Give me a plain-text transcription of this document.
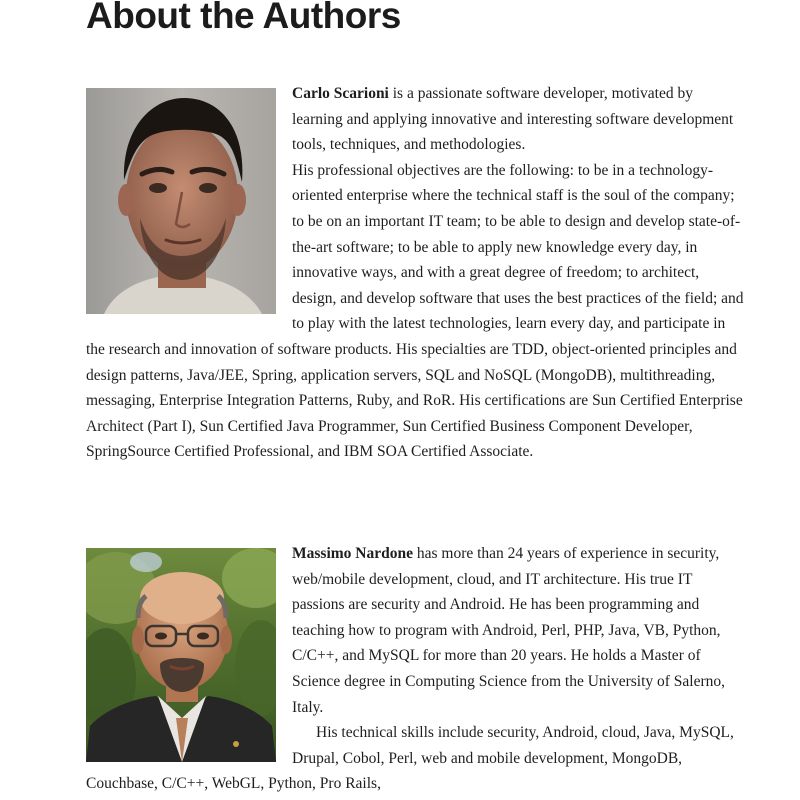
About the Authors

Carlo Scarioni is a passionate software developer, motivated by learning and applying innovative and interesting software development tools, techniques, and methodologies.

His professional objectives are the following: to be in a technology-oriented enterprise where the technical staff is the soul of the company; to be on an important IT team; to be able to design and develop state-of-the-art software; to be able to apply new knowledge every day, in innovative ways, and with a great degree of freedom; to architect, design, and develop software that uses the best practices of the field; and to play with the latest technologies, learn every day, and participate in the research and innovation of software products. His specialties are TDD, object-oriented principles and design patterns, Java/JEE, Spring, application servers, SQL and NoSQL (MongoDB), multithreading, messaging, Enterprise Integration Patterns, Ruby, and RoR. His certifications are Sun Certified Enterprise Architect (Part I), Sun Certified Java Programmer, Sun Certified Business Component Developer, SpringSource Certified Professional, and IBM SOA Certified Associate.

Massimo Nardone has more than 24 years of experience in security, web/mobile development, cloud, and IT architecture. His true IT passions are security and Android. He has been programming and teaching how to program with Android, Perl, PHP, Java, VB, Python, C/C++, and MySQL for more than 20 years. He holds a Master of Science degree in Computing Science from the University of Salerno, Italy.

His technical skills include security, Android, cloud, Java, MySQL, Drupal, Cobol, Perl, web and mobile development, MongoDB, Couchbase, C/C++, WebGL, Python, Pro Rails,
